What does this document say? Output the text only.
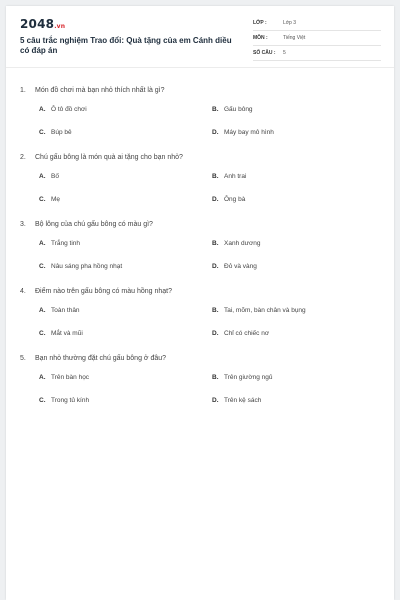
2048.vn
5 câu trắc nghiệm Trao đổi: Quà tặng của em Cánh diều có đáp án
LỚP :	Lớp 3
MÔN :	Tiếng Việt
SỐ CÂU :	5
1.	Món đồ chơi mà bạn nhỏ thích nhất là gì?
A. Ô tô đồ chơi	B. Gấu bông
C. Búp bê	D. Máy bay mô hình
2.	Chú gấu bông là món quà ai tặng cho bạn nhỏ?
A. Bố	B. Anh trai
C. Mẹ	D. Ông bà
3.	Bộ lông của chú gấu bông có màu gì?
A. Trắng tinh	B. Xanh dương
C. Nâu sáng pha hồng nhạt	D. Đỏ và vàng
4.	Điểm nào trên gấu bông có màu hồng nhạt?
A. Toàn thân	B. Tai, mõm, bàn chân và bụng
C. Mắt và mũi	D. Chỉ có chiếc nơ
5.	Bạn nhỏ thường đặt chú gấu bông ở đâu?
A. Trên bàn học	B. Trên giường ngủ
C. Trong tủ kính	D. Trên kệ sách
